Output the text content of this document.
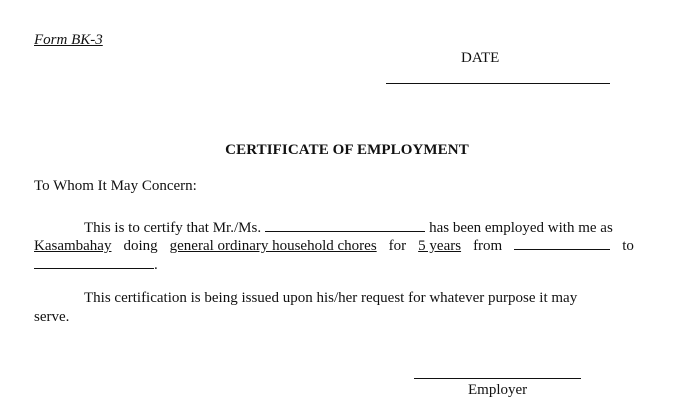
Form BK-3
DATE
CERTIFICATE OF EMPLOYMENT
To Whom It May Concern:
This is to certify that Mr./Ms.	has been employed with me as
Kasambahay doing general ordinary household chores for 5 years from	to
.
This certification is being issued upon his/her request for whatever purpose it may
serve.
Employer
